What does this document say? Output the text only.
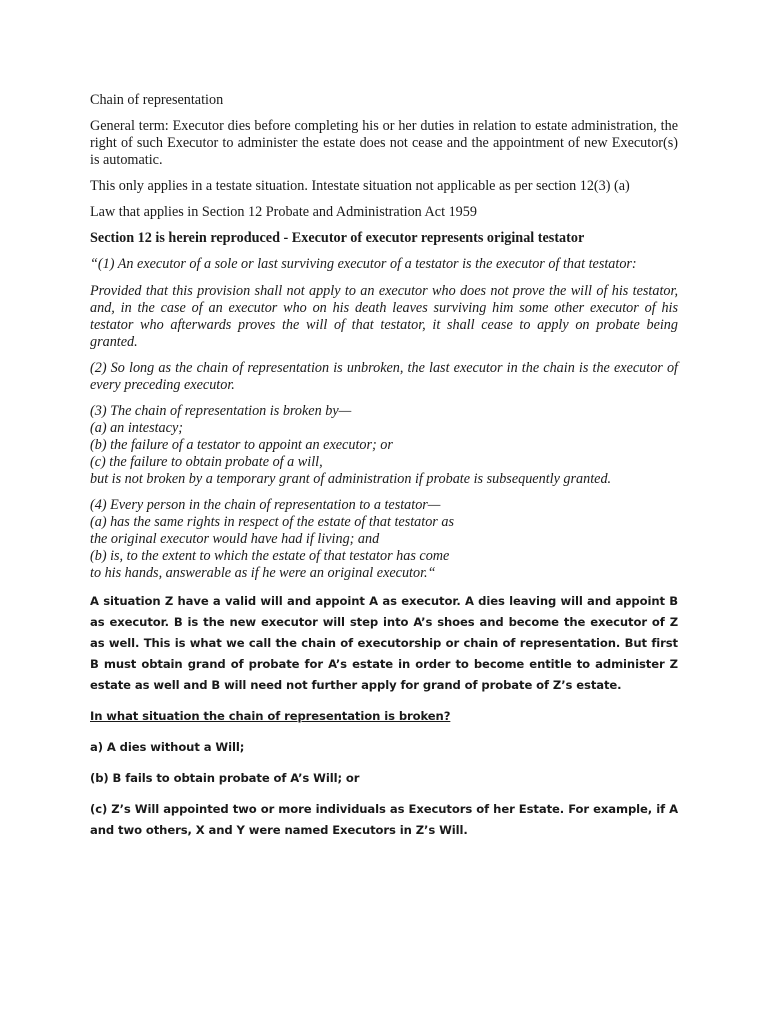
Chain of representation

General term: Executor dies before completing his or her duties in relation to estate administration, the right of such Executor to administer the estate does not cease and the appointment of new Executor(s) is automatic.

This only applies in a testate situation. Intestate situation not applicable as per section 12(3) (a)

Law that applies in Section 12 Probate and Administration Act 1959

Section 12 is herein reproduced - Executor of executor represents original testator

“(1) An executor of a sole or last surviving executor of a testator is the executor of that testator:

Provided that this provision shall not apply to an executor who does not prove the will of his testator, and, in the case of an executor who on his death leaves surviving him some other executor of his testator who afterwards proves the will of that testator, it shall cease to apply on probate being granted.

(2) So long as the chain of representation is unbroken, the last executor in the chain is the executor of every preceding executor.

(3) The chain of representation is broken by—
(a) an intestacy;
(b) the failure of a testator to appoint an executor; or
(c) the failure to obtain probate of a will,
but is not broken by a temporary grant of administration if probate is subsequently granted.
(4) Every person in the chain of representation to a testator—
(a) has the same rights in respect of the estate of that testator as
the original executor would have had if living; and
(b) is, to the extent to which the estate of that testator has come
to his hands, answerable as if he were an original executor.“

A situation Z have a valid will and appoint A as executor. A dies leaving will and appoint B as executor. B is the new executor will step into A’s shoes and become the executor of Z as well. This is what we call the chain of executorship or chain of representation. But first B must obtain grand of probate for A’s estate in order to become entitle to administer Z estate as well and B will need not further apply for grand of probate of Z’s estate.

In what situation the chain of representation is broken?

a) A dies without a Will;

(b) B fails to obtain probate of A’s Will; or

(c) Z’s Will appointed two or more individuals as Executors of her Estate. For example, if A and two others, X and Y were named Executors in Z’s Will.
